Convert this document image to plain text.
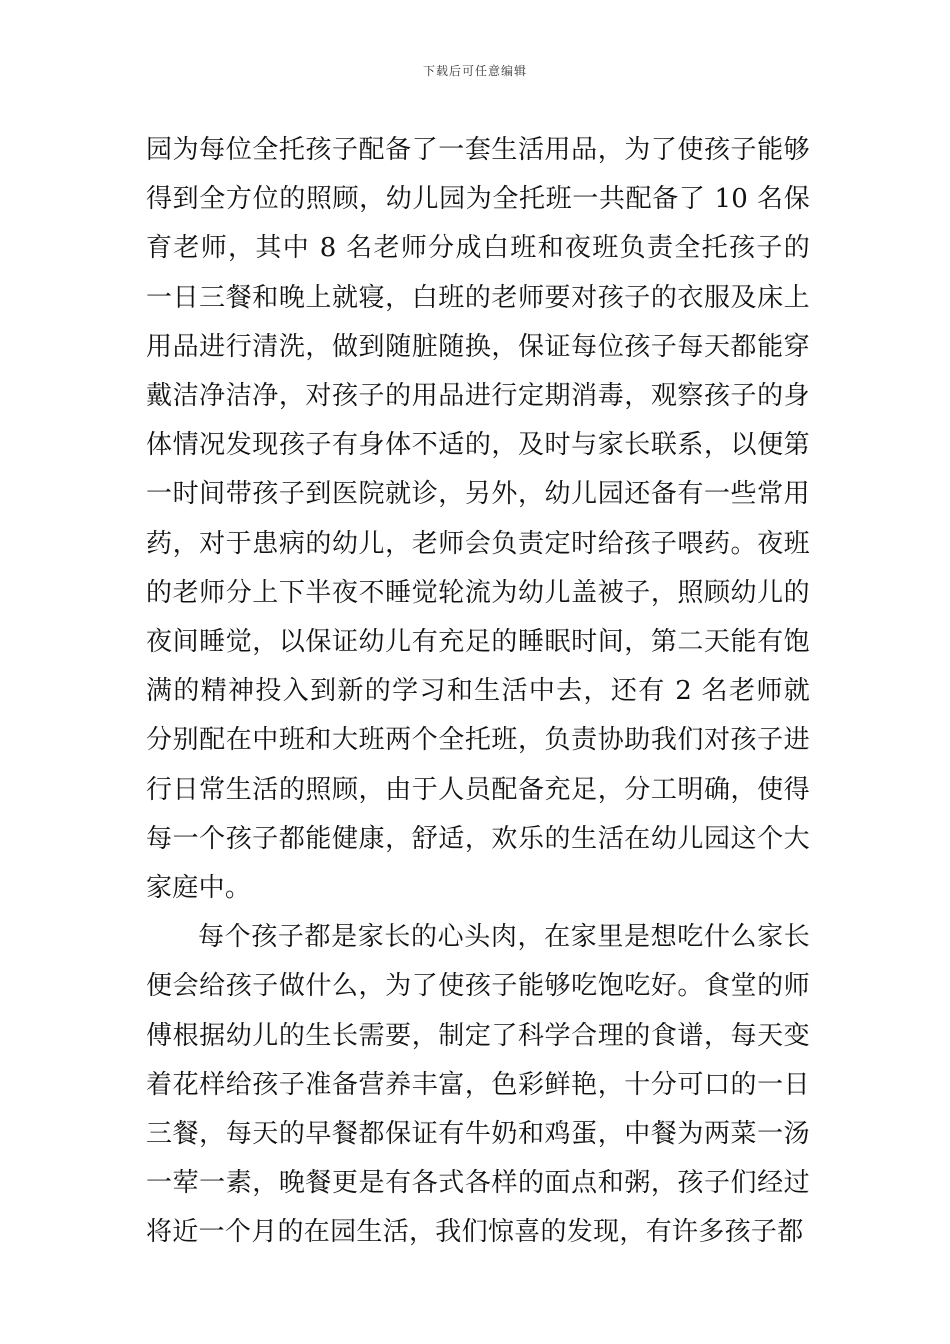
下载后可任意编辑

园为每位全托孩子配备了一套生活用品，为了使孩子能够得到全方位的照顾，幼儿园为全托班一共配备了 10 名保育老师，其中 8 名老师分成白班和夜班负责全托孩子的一日三餐和晚上就寝，白班的老师要对孩子的衣服及床上用品进行清洗，做到随脏随换，保证每位孩子每天都能穿戴洁净洁净，对孩子的用品进行定期消毒，观察孩子的身体情况发现孩子有身体不适的，及时与家长联系，以便第一时间带孩子到医院就诊，另外，幼儿园还备有一些常用药，对于患病的幼儿，老师会负责定时给孩子喂药。夜班的老师分上下半夜不睡觉轮流为幼儿盖被子，照顾幼儿的夜间睡觉，以保证幼儿有充足的睡眠时间，第二天能有饱满的精神投入到新的学习和生活中去，还有 2 名老师就分别配在中班和大班两个全托班，负责协助我们对孩子进行日常生活的照顾，由于人员配备充足，分工明确，使得每一个孩子都能健康，舒适，欢乐的生活在幼儿园这个大家庭中。

每个孩子都是家长的心头肉，在家里是想吃什么家长便会给孩子做什么，为了使孩子能够吃饱吃好。食堂的师傅根据幼儿的生长需要，制定了科学合理的食谱，每天变着花样给孩子准备营养丰富，色彩鲜艳，十分可口的一日三餐，每天的早餐都保证有牛奶和鸡蛋，中餐为两菜一汤一荤一素，晚餐更是有各式各样的面点和粥，孩子们经过将近一个月的在园生活，我们惊喜的发现，有许多孩子都
